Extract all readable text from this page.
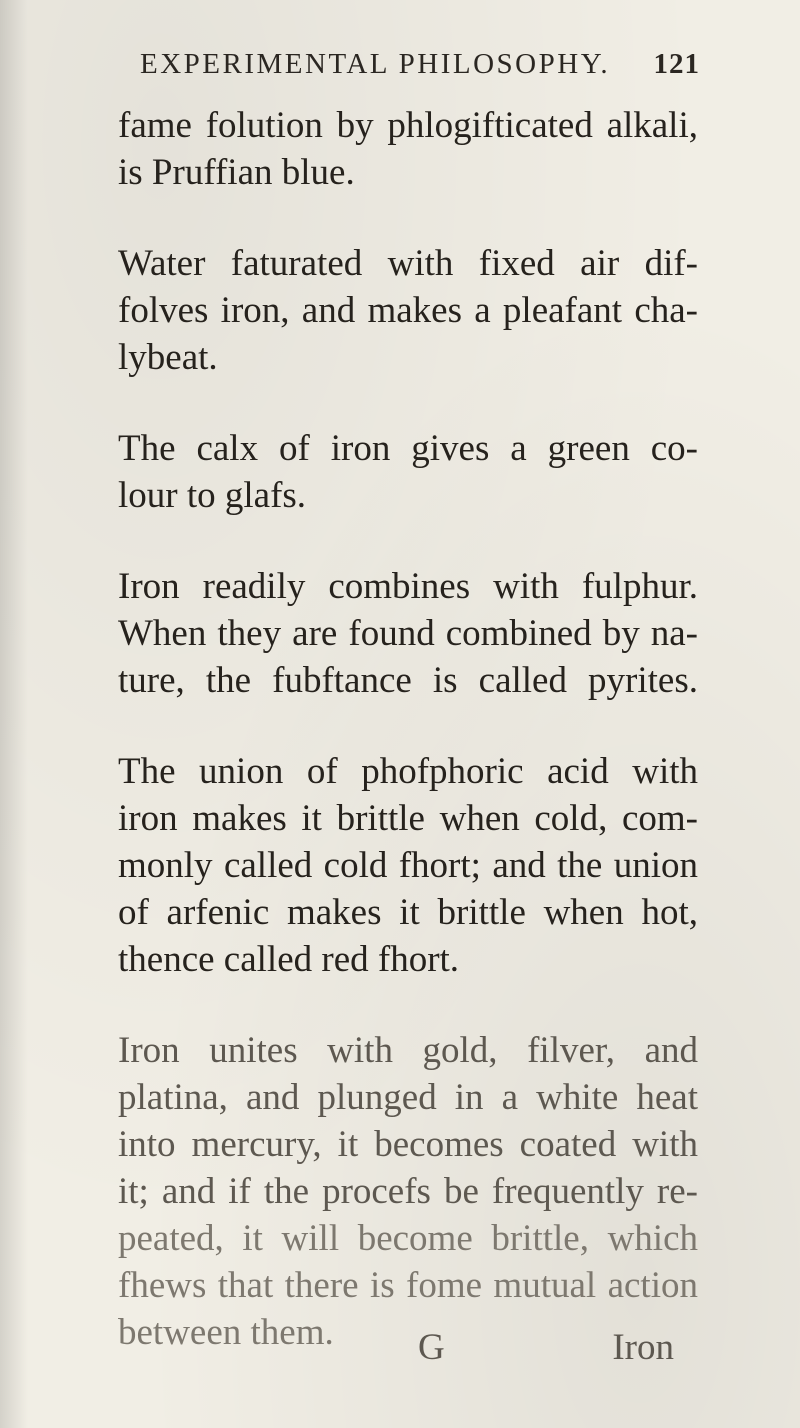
EXPERIMENTAL PHILOSOPHY. 121

fame folution by phlogifticated alkali,
is Pruffian blue.

Water faturated with fixed air dif-
folves iron, and makes a pleafant cha-
lybeat.

The calx of iron gives a green co-
lour to glafs.

Iron readily combines with fulphur.
When they are found combined by na-
ture, the fubftance is called pyrites.

The union of phofphoric acid with
iron makes it brittle when cold, com-
monly called cold fhort; and the union
of arfenic makes it brittle when hot,
thence called red fhort.

Iron unites with gold, filver, and
platina, and plunged in a white heat
into mercury, it becomes coated with
it; and if the procefs be frequently re-
peated, it will become brittle, which
fhews that there is fome mutual action
between them.	G	Iron
